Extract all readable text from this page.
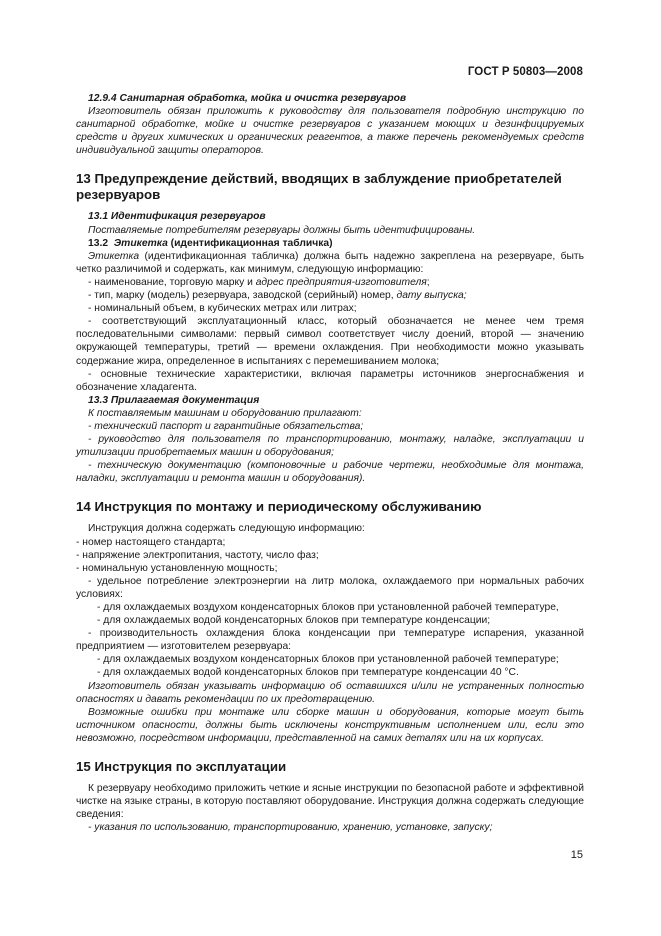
ГОСТ Р 50803—2008

12.9.4 Санитарная обработка, мойка и очистка резервуаров

Изготовитель обязан приложить к руководству для пользователя подробную инструкцию по санитарной обработке, мойке и очистке резервуаров с указанием моющих и дезинфицируемых средств и других химических и органических реагентов, а также перечень рекомендуемых средств индивидуальной защиты операторов.

13 Предупреждение действий, вводящих в заблуждение приобретателей резервуаров

13.1 Идентификация резервуаров

Поставляемые потребителям резервуары должны быть идентифицированы.

13.2 Этикетка (идентификационная табличка)

Этикетка (идентификационная табличка) должна быть надежно закреплена на резервуаре, быть четко различимой и содержать, как минимум, следующую информацию:

- наименование, торговую марку и адрес предприятия-изготовителя;

- тип, марку (модель) резервуара, заводской (серийный) номер, дату выпуска;

- номинальный объем, в кубических метрах или литрах;

- соответствующий эксплуатационный класс, который обозначается не менее чем тремя последовательными символами: первый символ соответствует числу доений, второй — значению окружающей температуры, третий — времени охлаждения. При необходимости можно указывать содержание жира, определенное в испытаниях с перемешиванием молока;

- основные технические характеристики, включая параметры источников энергоснабжения и обозначение хладагента.

13.3 Прилагаемая документация

К поставляемым машинам и оборудованию прилагают:

- технический паспорт и гарантийные обязательства;

- руководство для пользователя по транспортированию, монтажу, наладке, эксплуатации и утилизации приобретаемых машин и оборудования;

- техническую документацию (компоновочные и рабочие чертежи, необходимые для монтажа, наладки, эксплуатации и ремонта машин и оборудования).

14 Инструкция по монтажу и периодическому обслуживанию

Инструкция должна содержать следующую информацию:

- номер настоящего стандарта;

- напряжение электропитания, частоту, число фаз;

- номинальную установленную мощность;

- удельное потребление электроэнергии на литр молока, охлаждаемого при нормальных рабочих условиях:

- для охлаждаемых воздухом конденсаторных блоков при установленной рабочей температуре,

- для охлаждаемых водой конденсаторных блоков при температуре конденсации;

- производительность охлаждения блока конденсации при температуре испарения, указанной предприятием — изготовителем резервуара:

- для охлаждаемых воздухом конденсаторных блоков при установленной рабочей температуре;

- для охлаждаемых водой конденсаторных блоков при температуре конденсации 40 °С.

Изготовитель обязан указывать информацию об оставшихся и/или не устраненных полностью опасностях и давать рекомендации по их предотвращению.

Возможные ошибки при монтаже или сборке машин и оборудования, которые могут быть источником опасности, должны быть исключены конструктивным исполнением или, если это невозможно, посредством информации, представленной на самих деталях или на их корпусах.

15 Инструкция по эксплуатации

К резервуару необходимо приложить четкие и ясные инструкции по безопасной работе и эффективной чистке на языке страны, в которую поставляют оборудование. Инструкция должна содержать следующие сведения:

- указания по использованию, транспортированию, хранению, установке, запуску;

15
